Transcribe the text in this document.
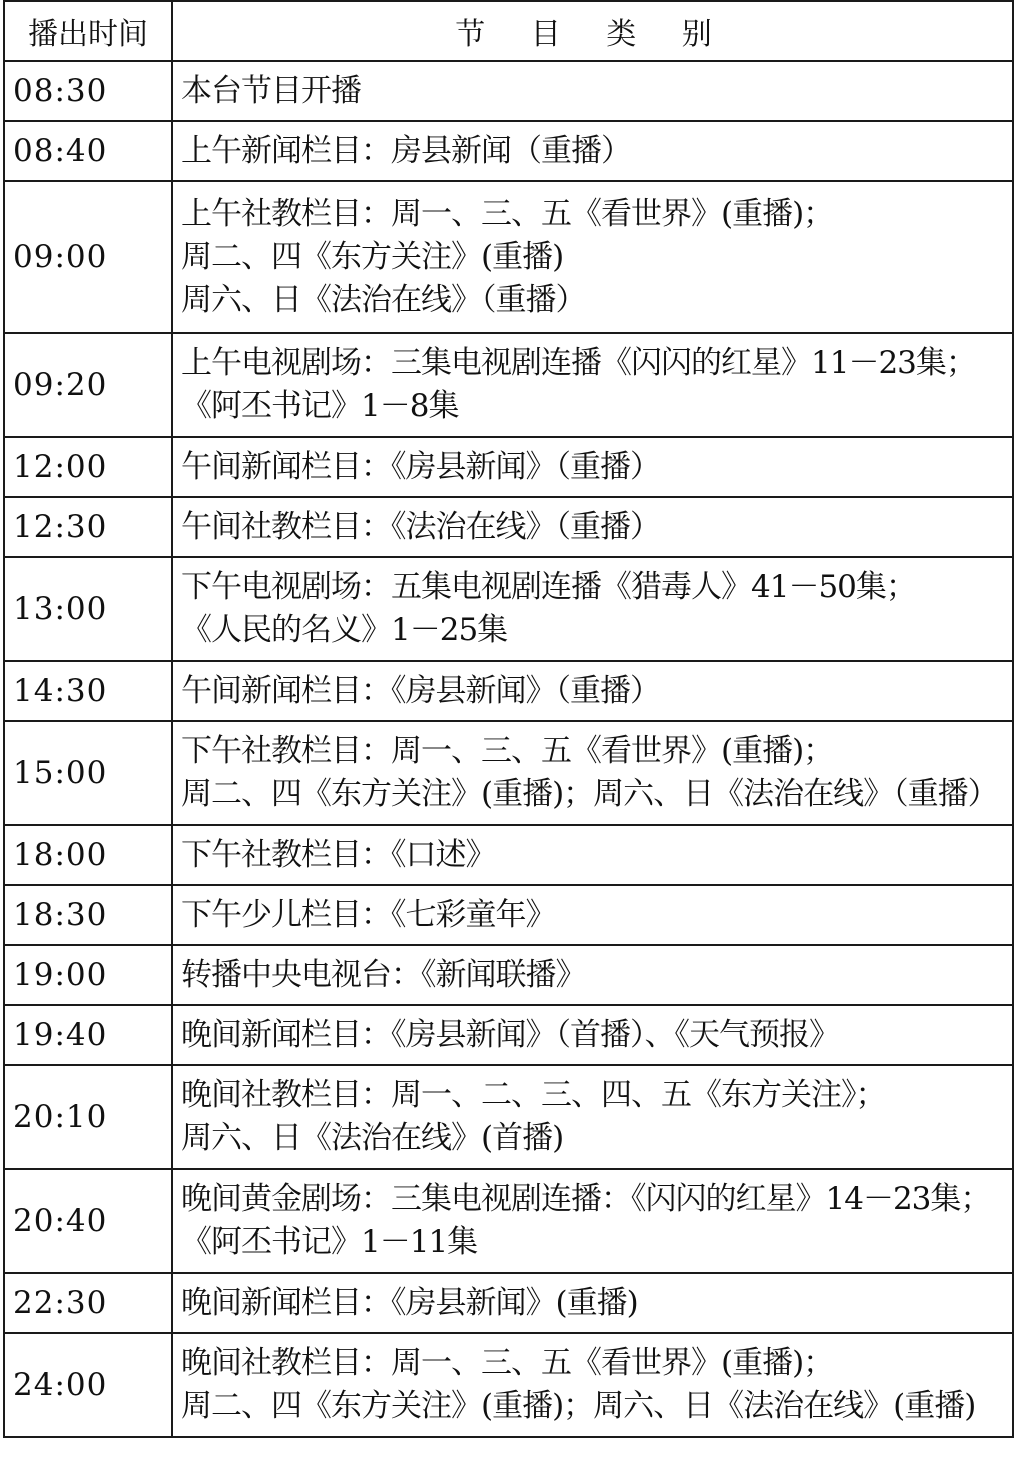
播出时间	节 目 类 别
08:30	本台节目开播

08:40	上午新闻栏目：房县新闻（重播）

09:00	上午社教栏目：周一、三、五《看世界》(重播)；
周二、四《东方关注》(重播)
周六、日《法治在线》（重播）

09:20	上午电视剧场：三集电视剧连播《闪闪的红星》11－23集；
《阿丕书记》1－8集

12:00	午间新闻栏目：《房县新闻》（重播）

12:30	午间社教栏目：《法治在线》（重播）

13:00	下午电视剧场：五集电视剧连播《猎毒人》41－50集；
《人民的名义》1－25集

14:30	午间新闻栏目：《房县新闻》（重播）

15:00	下午社教栏目：周一、三、五《看世界》(重播)；
周二、四《东方关注》(重播)；周六、日《法治在线》（重播）

18:00	下午社教栏目：《口述》

18:30	下午少儿栏目：《七彩童年》

19:00	转播中央电视台：《新闻联播》

19:40	晚间新闻栏目：《房县新闻》（首播）、《天气预报》

20:10	晚间社教栏目：周一、二、三、四、五《东方关注》；
周六、日《法治在线》(首播)

20:40	晚间黄金剧场：三集电视剧连播：《闪闪的红星》14－23集；
《阿丕书记》1－11集

22:30	晚间新闻栏目：《房县新闻》(重播)

24:00	晚间社教栏目：周一、三、五《看世界》(重播)；
周二、四《东方关注》(重播)；周六、日《法治在线》(重播)
